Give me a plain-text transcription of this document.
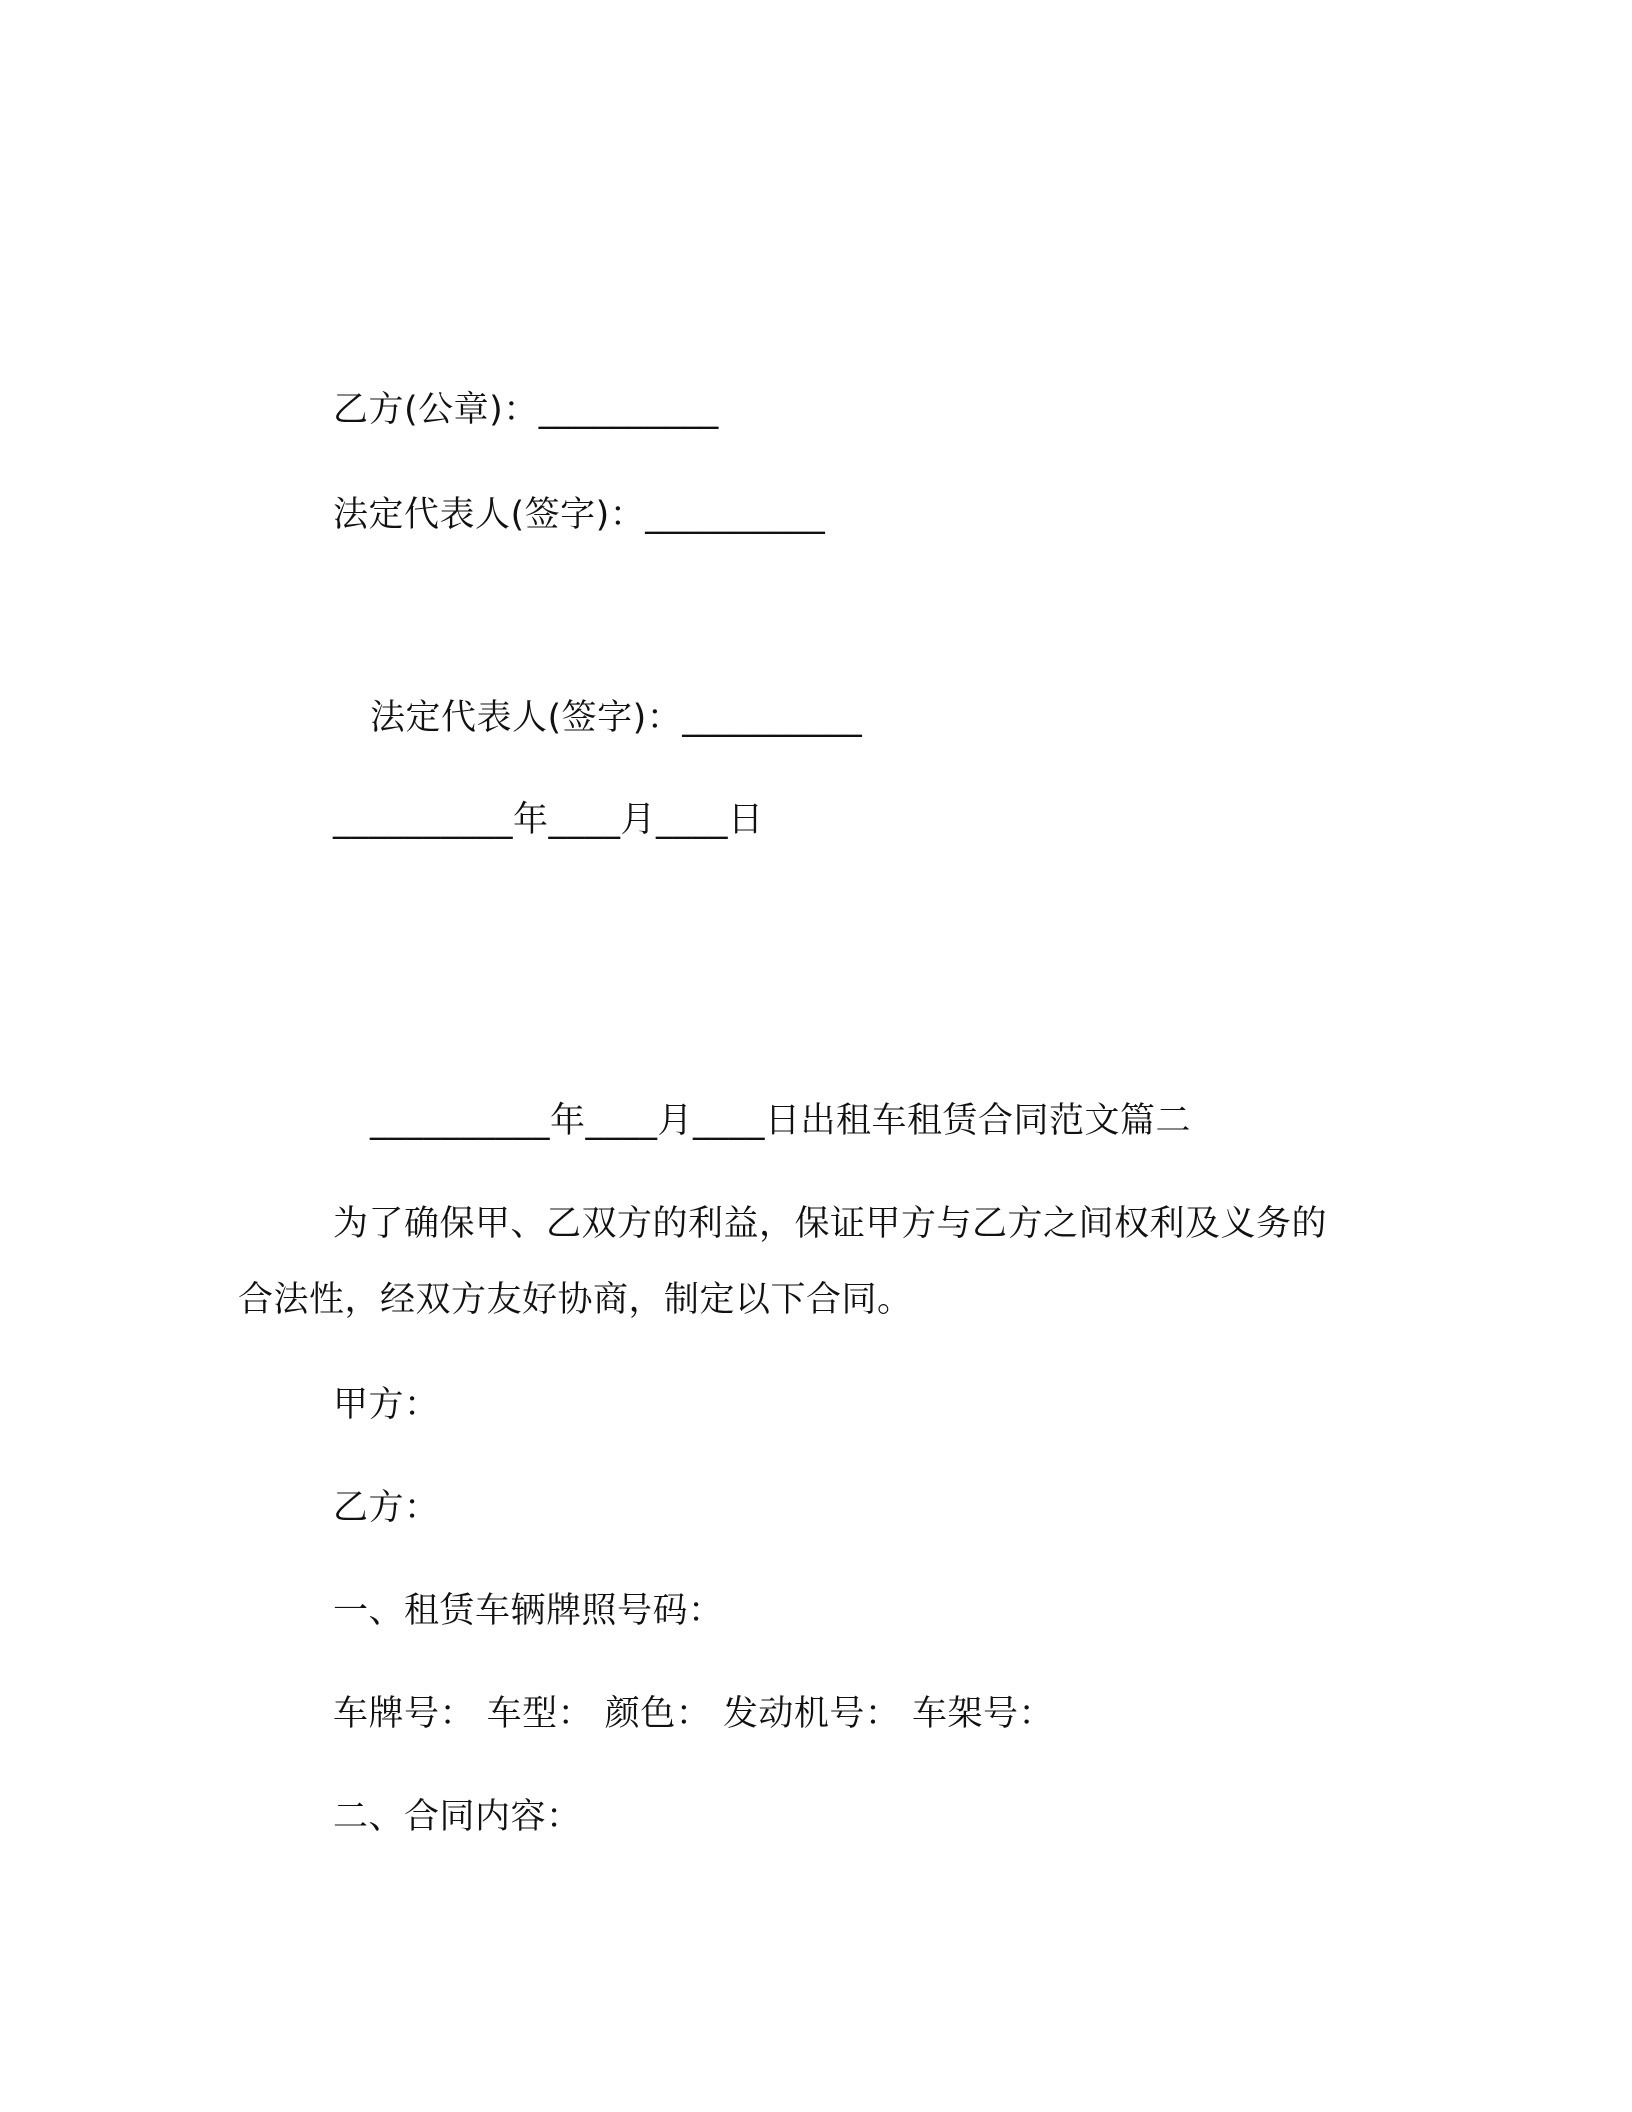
乙方(公章)：__________
法定代表人(签字)：__________
法定代表人(签字)：__________
__________年____月____日
__________年____月____日出租车租赁合同范文篇二
为了确保甲、乙双方的利益，保证甲方与乙方之间权利及义务的
合法性，经双方友好协商，制定以下合同。
甲方：
乙方：
一、租赁车辆牌照号码：
车牌号： 车型： 颜色： 发动机号： 车架号：
二、合同内容：
